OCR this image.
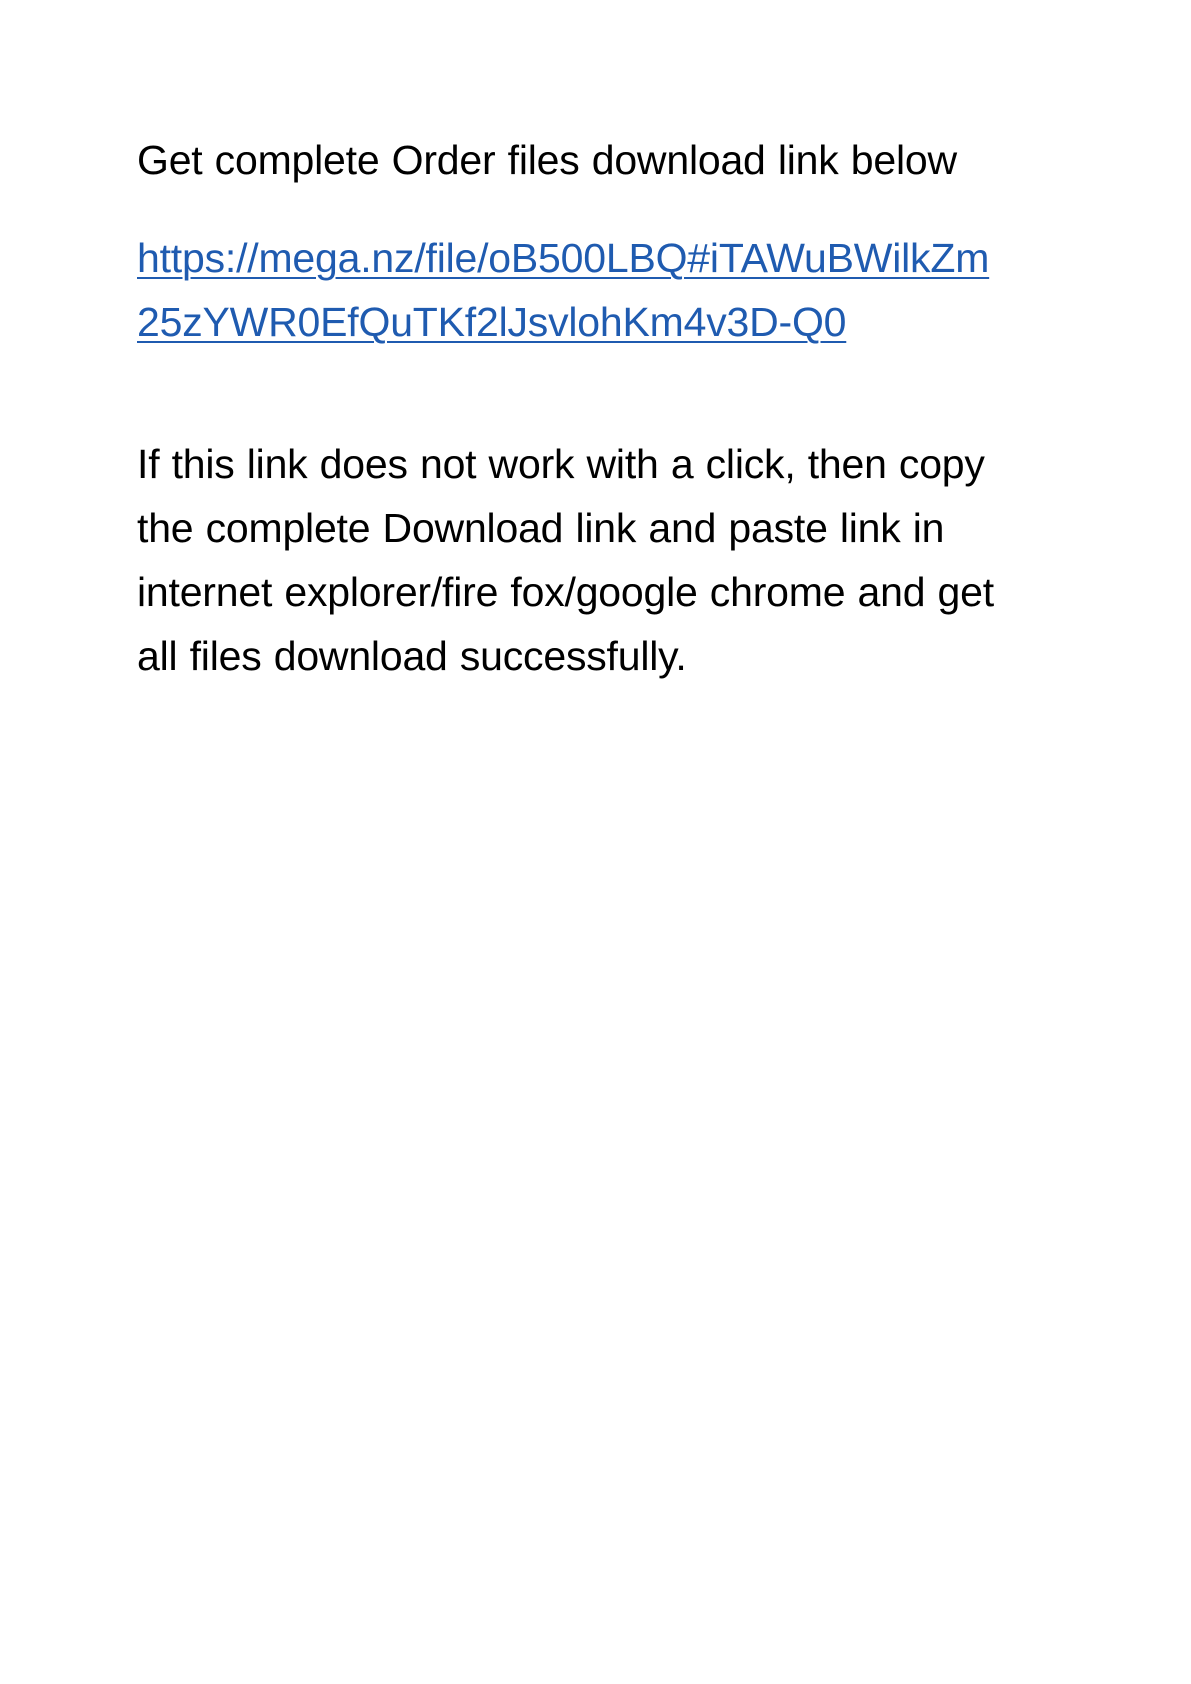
Get complete Order files download link below

https://mega.nz/file/oB500LBQ#iTAWuBWilkZm25zYWR0EfQuTKf2lJsvlohKm4v3D-Q0

If this link does not work with a click, then copy the complete Download link and paste link in internet explorer/fire fox/google chrome and get all files download successfully.
